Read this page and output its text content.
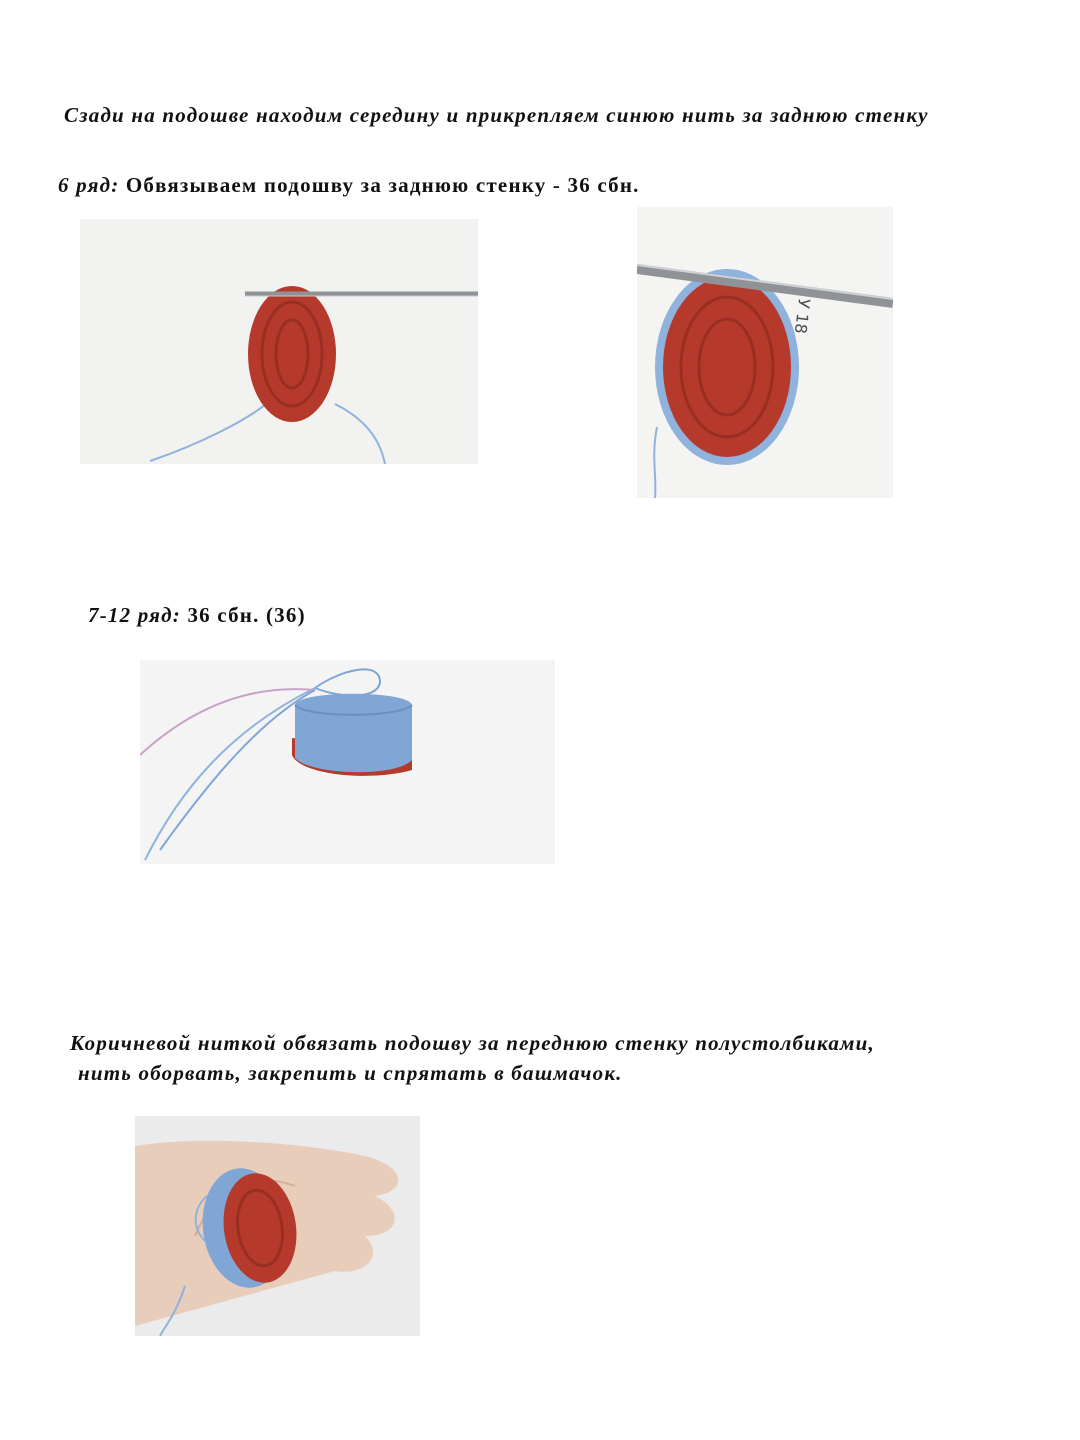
Сзади на подошве находим середину и прикрепляем синюю нить за заднюю стенку
6 ряд: Обвязываем подошву за заднюю стенку - 36 сбн.
У 18
7-12 ряд: 36 сбн. (36)
Коричневой ниткой обвязать подошву за переднюю стенку полустолбиками,
нить оборвать, закрепить и спрятать в башмачок.
